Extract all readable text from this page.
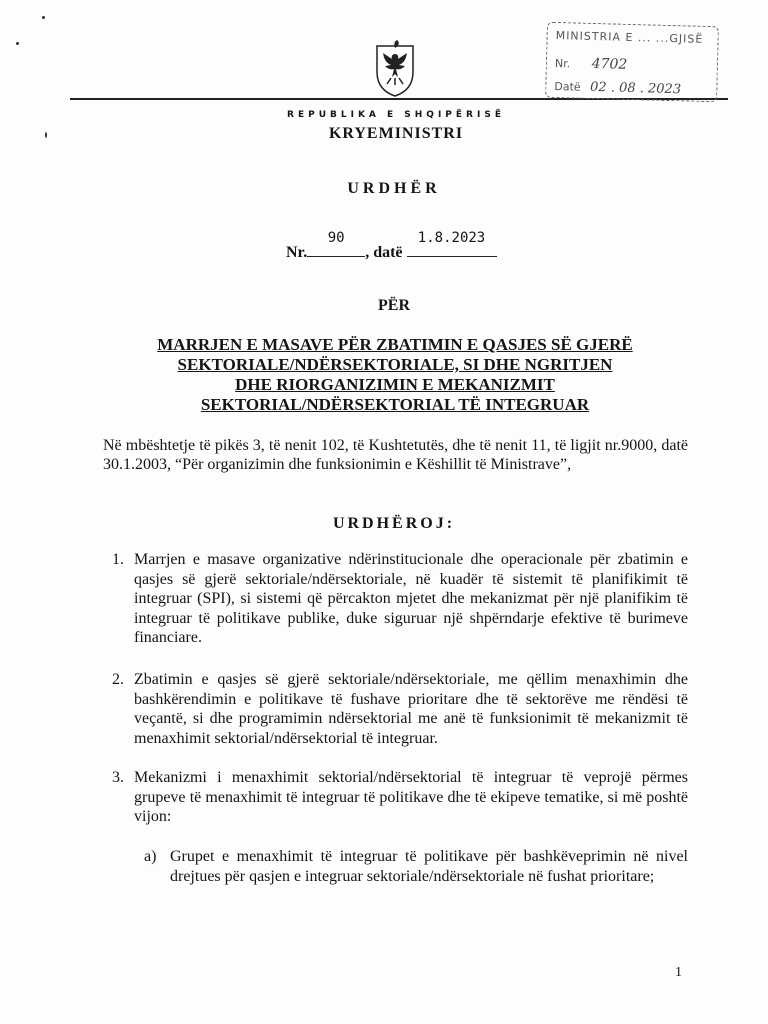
MINISTRIA E ... ...GJISË
Nr. 4702
Datë 02 . 08 . 2023
REPUBLIKA E SHQIPËRISË
KRYEMINISTRI
URDHËR
Nr.
90
, datë
1.8.2023
PËR
MARRJEN E MASAVE PËR ZBATIMIN E QASJES SË GJERË
SEKTORIALE/NDËRSEKTORIALE, SI DHE NGRITJEN
DHE RIORGANIZIMIN E MEKANIZMIT
SEKTORIAL/NDËRSEKTORIAL TË INTEGRUAR
Në mbështetje të pikës 3, të nenit 102, të Kushtetutës, dhe të nenit 11, të ligjit nr.9000, datë 30.1.2003, “Për organizimin dhe funksionimin e Këshillit të Ministrave”,
URDHËROJ:
1. Marrjen e masave organizative ndërinstitucionale dhe operacionale për zbatimin e qasjes së gjerë sektoriale/ndërsektoriale, në kuadër të sistemit të planifikimit të integruar (SPI), si sistemi që përcakton mjetet dhe mekanizmat për një planifikim të integruar të politikave publike, duke siguruar një shpërndarje efektive të burimeve financiare.
2. Zbatimin e qasjes së gjerë sektoriale/ndërsektoriale, me qëllim menaxhimin dhe bashkërendimin e politikave të fushave prioritare dhe të sektorëve me rëndësi të veçantë, si dhe programimin ndërsektorial me anë të funksionimit të mekanizmit të menaxhimit sektorial/ndërsektorial të integruar.
3. Mekanizmi i menaxhimit sektorial/ndërsektorial të integruar të veprojë përmes grupeve të menaxhimit të integruar të politikave dhe të ekipeve tematike, si më poshtë vijon:
a) Grupet e menaxhimit të integruar të politikave për bashkëveprimin në nivel drejtues për qasjen e integruar sektoriale/ndërsektoriale në fushat prioritare;
1
